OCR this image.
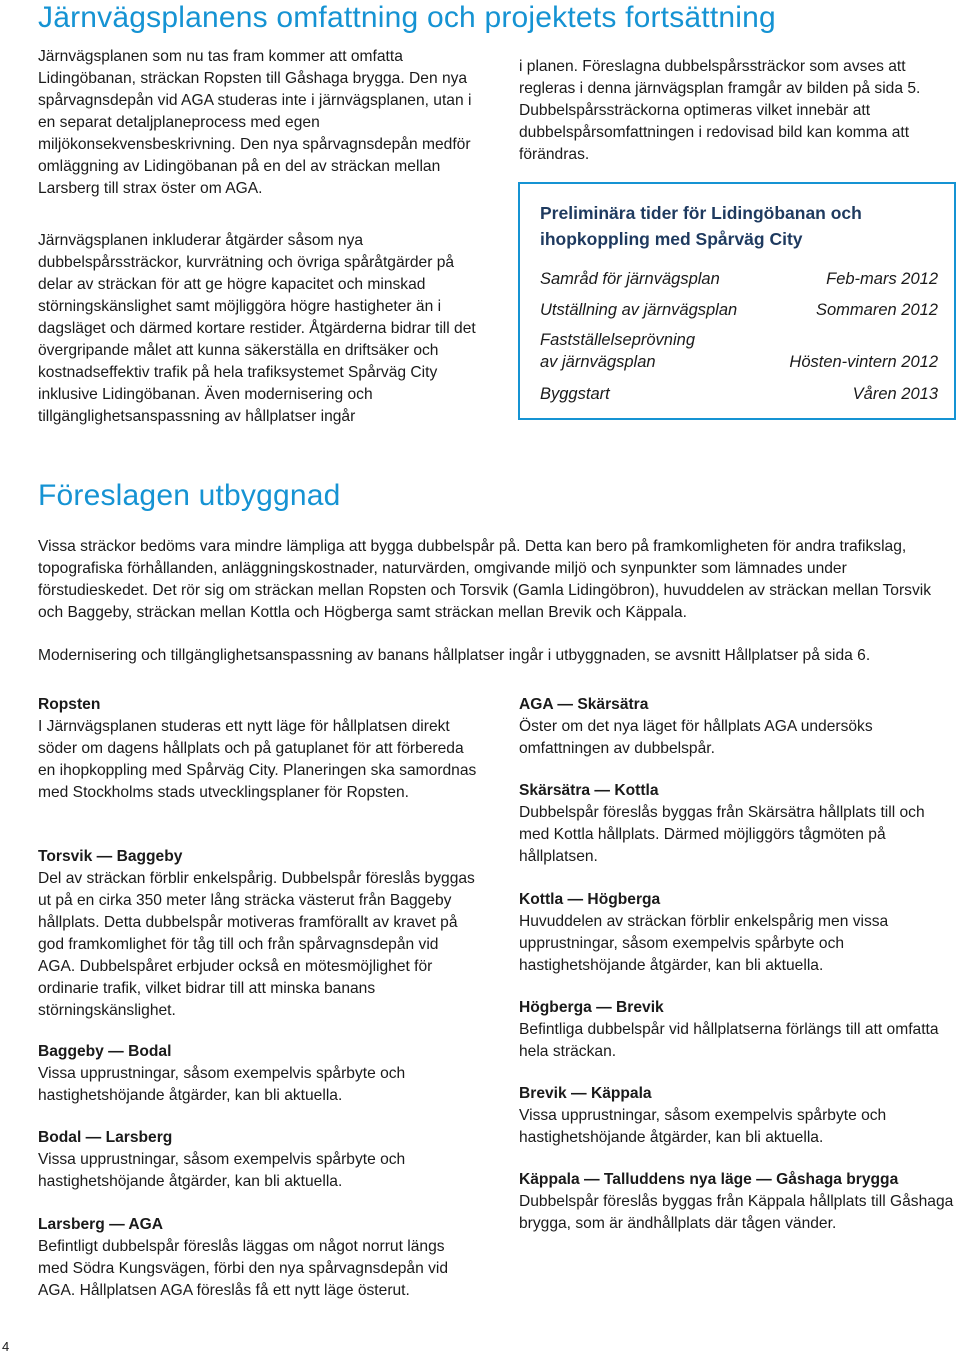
Järnvägsplanens omfattning och projektets fortsättning

Järnvägsplanen som nu tas fram kommer att omfatta Lidingöbanan, sträckan Ropsten till Gåshaga brygga. Den nya spårvagnsdepån vid AGA studeras inte i järnvägsplanen, utan i en separat detaljplaneprocess med egen miljökonsekvensbeskrivning. Den nya spårvagnsdepån medför omläggning av Lidingöbanan på en del av sträckan mellan Larsberg till strax öster om AGA.

Järnvägsplanen inkluderar åtgärder såsom nya dubbelspårssträckor, kurvrätning och övriga spåråtgärder på delar av sträckan för att ge högre kapacitet och minskad störningskänslighet samt möjliggöra högre hastigheter än i dagsläget och därmed kortare restider. Åtgärderna bidrar till det övergripande målet att kunna säkerställa en driftsäker och kostnadseffektiv trafik på hela trafiksystemet Spårväg City inklusive Lidingöbanan. Även modernisering och tillgänglighetsanspassning av hållplatser ingår

i planen. Föreslagna dubbelspårssträckor som avses att regleras i denna järnvägsplan framgår av bilden på sida 5. Dubbelspårssträckorna optimeras vilket innebär att dubbelspårsomfattningen i redovisad bild kan komma att förändras.

Preliminära tider för Lidingöbanan och ihopkoppling med Spårväg City
Samråd för järnvägsplan	Feb-mars 2012
Utställning av järnvägsplan	Sommaren 2012
Fastställelseprövning
av järnvägsplan	Hösten-vintern 2012
Byggstart	Våren 2013
Föreslagen utbyggnad

Vissa sträckor bedöms vara mindre lämpliga att bygga dubbelspår på. Detta kan bero på framkomligheten för andra trafikslag, topografiska förhållanden, anläggningskostnader, naturvärden, omgivande miljö och synpunkter som lämnades under förstudieskedet. Det rör sig om sträckan mellan Ropsten och Torsvik (Gamla Lidingöbron), huvuddelen av sträckan mellan Torsvik och Baggeby, sträckan mellan Kottla och Högberga samt sträckan mellan Brevik och Käppala.

Modernisering och tillgänglighetsanspassning av banans hållplatser ingår i utbyggnaden, se avsnitt Hållplatser på sida 6.

Ropsten
I Järnvägsplanen studeras ett nytt läge för hållplatsen direkt söder om dagens hållplats och på gatuplanet för att förbereda en ihopkoppling med Spårväg City. Planeringen ska samordnas med Stockholms stads utvecklingsplaner för Ropsten.
Torsvik — Baggeby
Del av sträckan förblir enkelspårig. Dubbelspår föreslås byggas ut på en cirka 350 meter lång sträcka västerut från Baggeby hållplats. Detta dubbelspår motiveras framförallt av kravet på god framkomlighet för tåg till och från spårvagnsdepån vid AGA. Dubbelspåret erbjuder också en mötesmöjlighet för ordinarie trafik, vilket bidrar till att minska banans störningskänslighet.
Baggeby — Bodal
Vissa upprustningar, såsom exempelvis spårbyte och hastighetshöjande åtgärder, kan bli aktuella.
Bodal — Larsberg
Vissa upprustningar, såsom exempelvis spårbyte och hastighetshöjande åtgärder, kan bli aktuella.
Larsberg — AGA
Befintligt dubbelspår föreslås läggas om något norrut längs med Södra Kungsvägen, förbi den nya spårvagnsdepån vid AGA. Hållplatsen AGA föreslås få ett nytt läge österut.
AGA — Skärsätra
Öster om det nya läget för hållplats AGA undersöks omfattningen av dubbelspår.
Skärsätra — Kottla
Dubbelspår föreslås byggas från Skärsätra hållplats till och med Kottla hållplats. Därmed möjliggörs tågmöten på hållplatsen.
Kottla — Högberga
Huvuddelen av sträckan förblir enkelspårig men vissa upprustningar, såsom exempelvis spårbyte och hastighetshöjande åtgärder, kan bli aktuella.
Högberga — Brevik
Befintliga dubbelspår vid hållplatserna förlängs till att omfatta hela sträckan.
Brevik — Käppala
Vissa upprustningar, såsom exempelvis spårbyte och hastighetshöjande åtgärder, kan bli aktuella.
Käppala — Talluddens nya läge — Gåshaga brygga
Dubbelspår föreslås byggas från Käppala hållplats till Gåshaga brygga, som är ändhållplats där tågen vänder.
4
